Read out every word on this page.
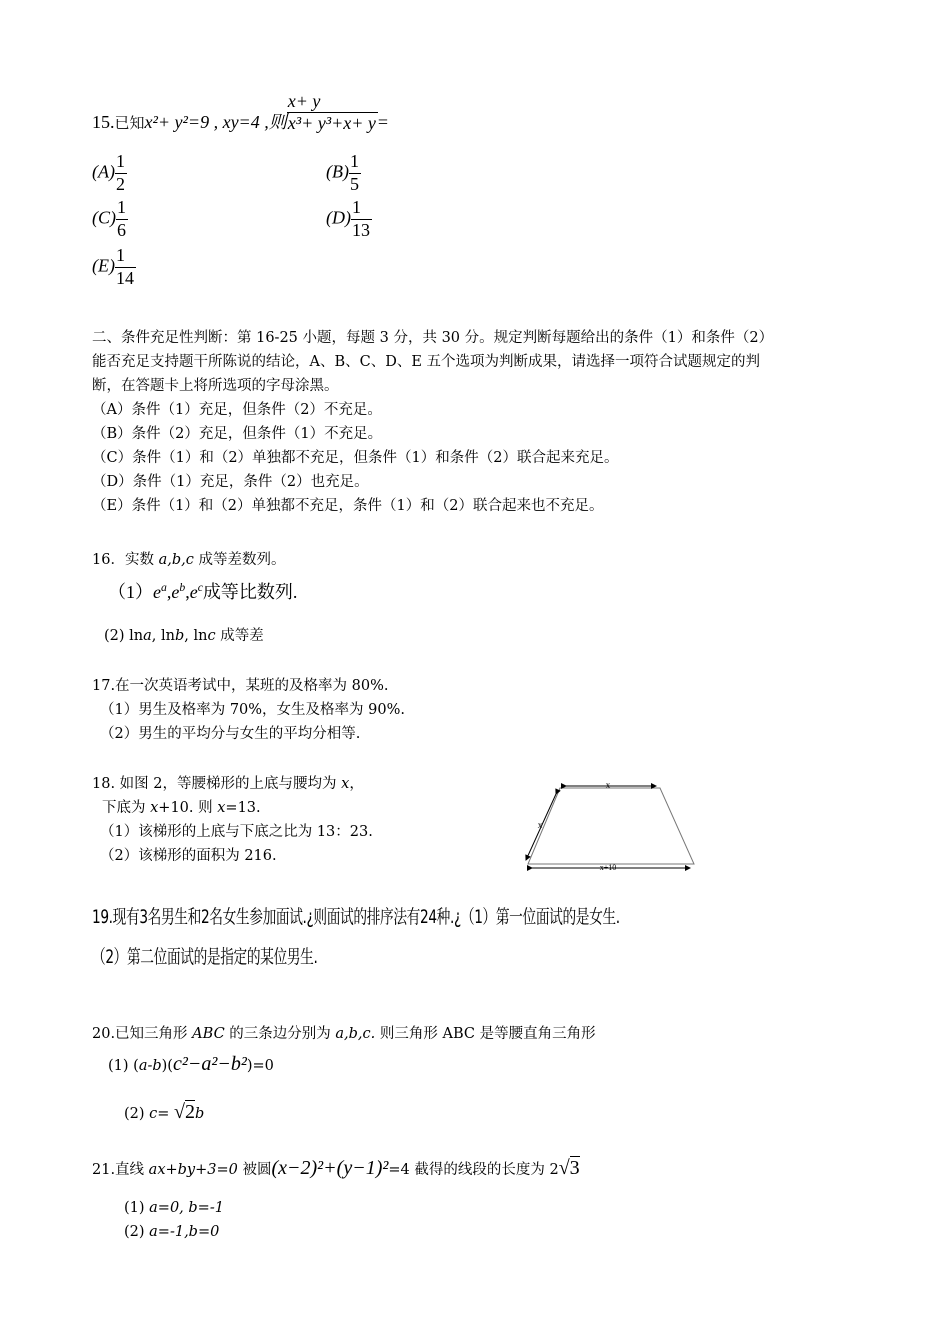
15.已知x²+ y²=9 , xy=4 ,则 $\frac{x+ y}{\text{x³+ y³+x+ y}}$ =
$(A) \frac{1}{2}$	$(B) \frac{1}{5}$
$(C) \frac{1}{6}$	$(D) \frac{1}{13}$
$(E) \frac{1}{14}$
二、条件充足性判断：第 16-25 小题，每题 3 分，共 30 分。规定判断每题给出的条件（1）和条件（2）
能否充足支持题干所陈说的结论，A、B、C、D、E 五个选项为判断成果，请选择一项符合试题规定的判
断，在答题卡上将所选项的字母涂黑。
（A）条件（1）充足，但条件（2）不充足。
（B）条件（2）充足，但条件（1）不充足。
（C）条件（1）和（2）单独都不充足，但条件（1）和条件（2）联合起来充足。
（D）条件（1）充足，条件（2）也充足。
（E）条件（1）和（2）单独都不充足，条件（1）和（2）联合起来也不充足。
16．实数 a,b,c 成等差数列。
$(1)e^a,e^b,e^c$成等比数列.
(2) lna, lnb, lnc 成等差
17.在一次英语考试中，某班的及格率为 80%.
（1）男生及格率为 70%，女生及格率为 90%.
（2）男生的平均分与女生的平均分相等.
18. 如图 2，等腰梯形的上底与腰均为 x，
下底为 x+10. 则 x=13.
（1）该梯形的上底与下底之比为 13：23.
（2）该梯形的面积为 216.
x
x
x+10
19.现有3名男生和2名女生参加面试.¿则面试的排序法有24种.¿（1）第一位面试的是女生.
（2）第二位面试的是指定的某位男生.
20.已知三角形 ABC 的三条边分别为 a,b,c. 则三角形 ABC 是等腰直角三角形
(1) (a-b)(c²−a²−b²)=0
(2) c= √2b
21.直线 ax+by+3=0 被圆(x−2)²+(y−1)²=4 截得的线段的长度为 2√3
(1) a=0, b=-1
(2) a=-1,b=0
